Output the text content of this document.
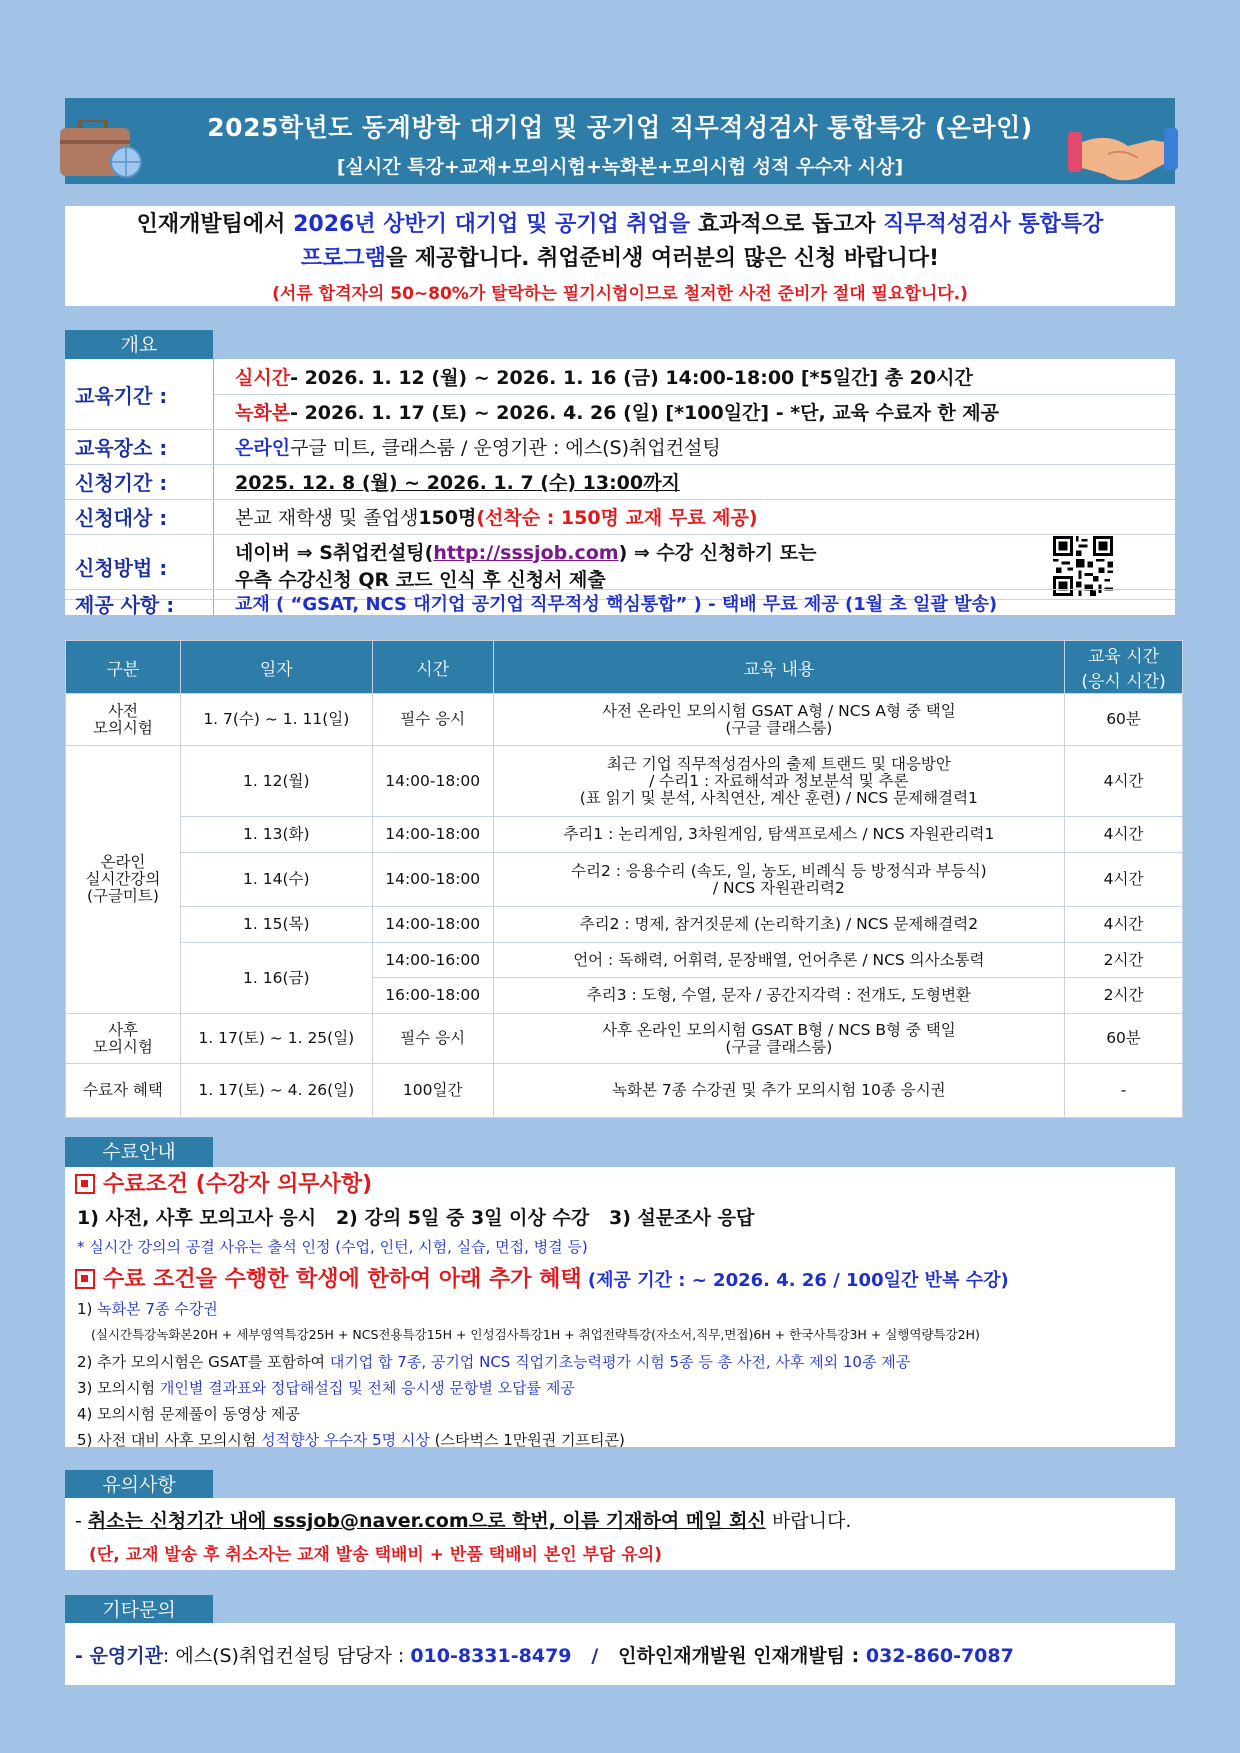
2025학년도 동계방학 대기업 및 공기업 직무적성검사 통합특강 (온라인)
[실시간 특강+교재+모의시험+녹화본+모의시험 성적 우수자 시상]
인재개발팀에서 2026년 상반기 대기업 및 공기업 취업을 효과적으로 돕고자 직무적성검사 통합특강
프로그램을 제공합니다. 취업준비생 여러분의 많은 신청 바랍니다!
(서류 합격자의 50~80%가 탈락하는 필기시험이므로 철저한 사전 준비가 절대 필요합니다.)
개요
교육기간 :
실시간 - 2026. 1. 12 (월) ~ 2026. 1. 16 (금) 14:00-18:00 [*5일간] 총 20시간
녹화본 - 2026. 1. 17 (토) ~ 2026. 4. 26 (일) [*100일간] - *단, 교육 수료자 한 제공
교육장소 :	온라인 구글 미트, 클래스룸 / 운영기관 : 에스(S)취업컨설팅
신청기간 :	2025. 12. 8 (월) ~ 2026. 1. 7 (수) 13:00까지
신청대상 :	본교 재학생 및 졸업생 150명 (선착순 : 150명 교재 무료 제공)
신청방법 :
네이버 ⇒ S취업컨설팅(http://sssjob.com) ⇒ 수강 신청하기 또는
우측 수강신청 QR 코드 인식 후 신청서 제출
제공 사항 :	교재 ( “GSAT, NCS 대기업 공기업 직무적성 핵심통합” ) - 택배 무료 제공 (1월 초 일괄 발송)
구분	일자	시간	교육 내용	교육 시간
(응시 시간)
사전
모의시험	1. 7(수) ~ 1. 11(일)	필수 응시	사전 온라인 모의시험 GSAT A형 / NCS A형 중 택일
(구글 클래스룸)	60분
온라인
실시간강의
(구글미트)	1. 12(월)	14:00-18:00	최근 기업 직무적성검사의 출제 트랜드 및 대응방안
/ 수리1 : 자료해석과 정보분석 및 추론
(표 읽기 및 분석, 사칙연산, 계산 훈련) / NCS 문제해결력1	4시간
	1. 13(화)	14:00-18:00	추리1 : 논리게임, 3차원게임, 탐색프로세스 / NCS 자원관리력1	4시간
	1. 14(수)	14:00-18:00	수리2 : 응용수리 (속도, 일, 농도, 비례식 등 방정식과 부등식)
/ NCS 자원관리력2	4시간
	1. 15(목)	14:00-18:00	추리2 : 명제, 참거짓문제 (논리학기초) / NCS 문제해결력2	4시간
	1. 16(금)	14:00-16:00	언어 : 독해력, 어휘력, 문장배열, 언어추론 / NCS 의사소통력	2시간
		16:00-18:00	추리3 : 도형, 수열, 문자 / 공간지각력 : 전개도, 도형변환	2시간
사후
모의시험	1. 17(토) ~ 1. 25(일)	필수 응시	사후 온라인 모의시험 GSAT B형 / NCS B형 중 택일
(구글 클래스룸)	60분
수료자 혜택	1. 17(토) ~ 4. 26(일)	100일간	녹화본 7종 수강권 및 추가 모의시험 10종 응시권	-
수료안내
수료조건 (수강자 의무사항)
1) 사전, 사후 모의고사 응시   2) 강의 5일 중 3일 이상 수강   3) 설문조사 응답
* 실시간 강의의 공결 사유는 출석 인정 (수업, 인턴, 시험, 실습, 면접, 병결 등)
수료 조건을 수행한 학생에 한하여 아래 추가 혜택 (제공 기간 : ~ 2026. 4. 26 / 100일간 반복 수강)
1) 녹화본 7종 수강권
(실시간특강녹화본20H + 세부영역특강25H + NCS전용특강15H + 인성검사특강1H + 취업전략특강(자소서,직무,면접)6H + 한국사특강3H + 실행역량특강2H)
2) 추가 모의시험은 GSAT를 포함하여 대기업 합 7종, 공기업 NCS 직업기초능력평가 시험 5종 등 총 사전, 사후 제외 10종 제공
3) 모의시험 개인별 결과표와 정답해설집 및 전체 응시생 문항별 오답률 제공
4) 모의시험 문제풀이 동영상 제공
5) 사전 대비 사후 모의시험 성적향상 우수자 5명 시상 (스타벅스 1만원권 기프티콘)
유의사항
- 취소는 신청기간 내에 sssjob@naver.com으로 학번, 이름 기재하여 메일 회신 바랍니다.
(단, 교재 발송 후 취소자는 교재 발송 택배비 + 반품 택배비 본인 부담 유의)
기타문의
- 운영기관: 에스(S)취업컨설팅 담당자 : 010-8331-8479   /   인하인재개발원 인재개발팀 : 032-860-7087
